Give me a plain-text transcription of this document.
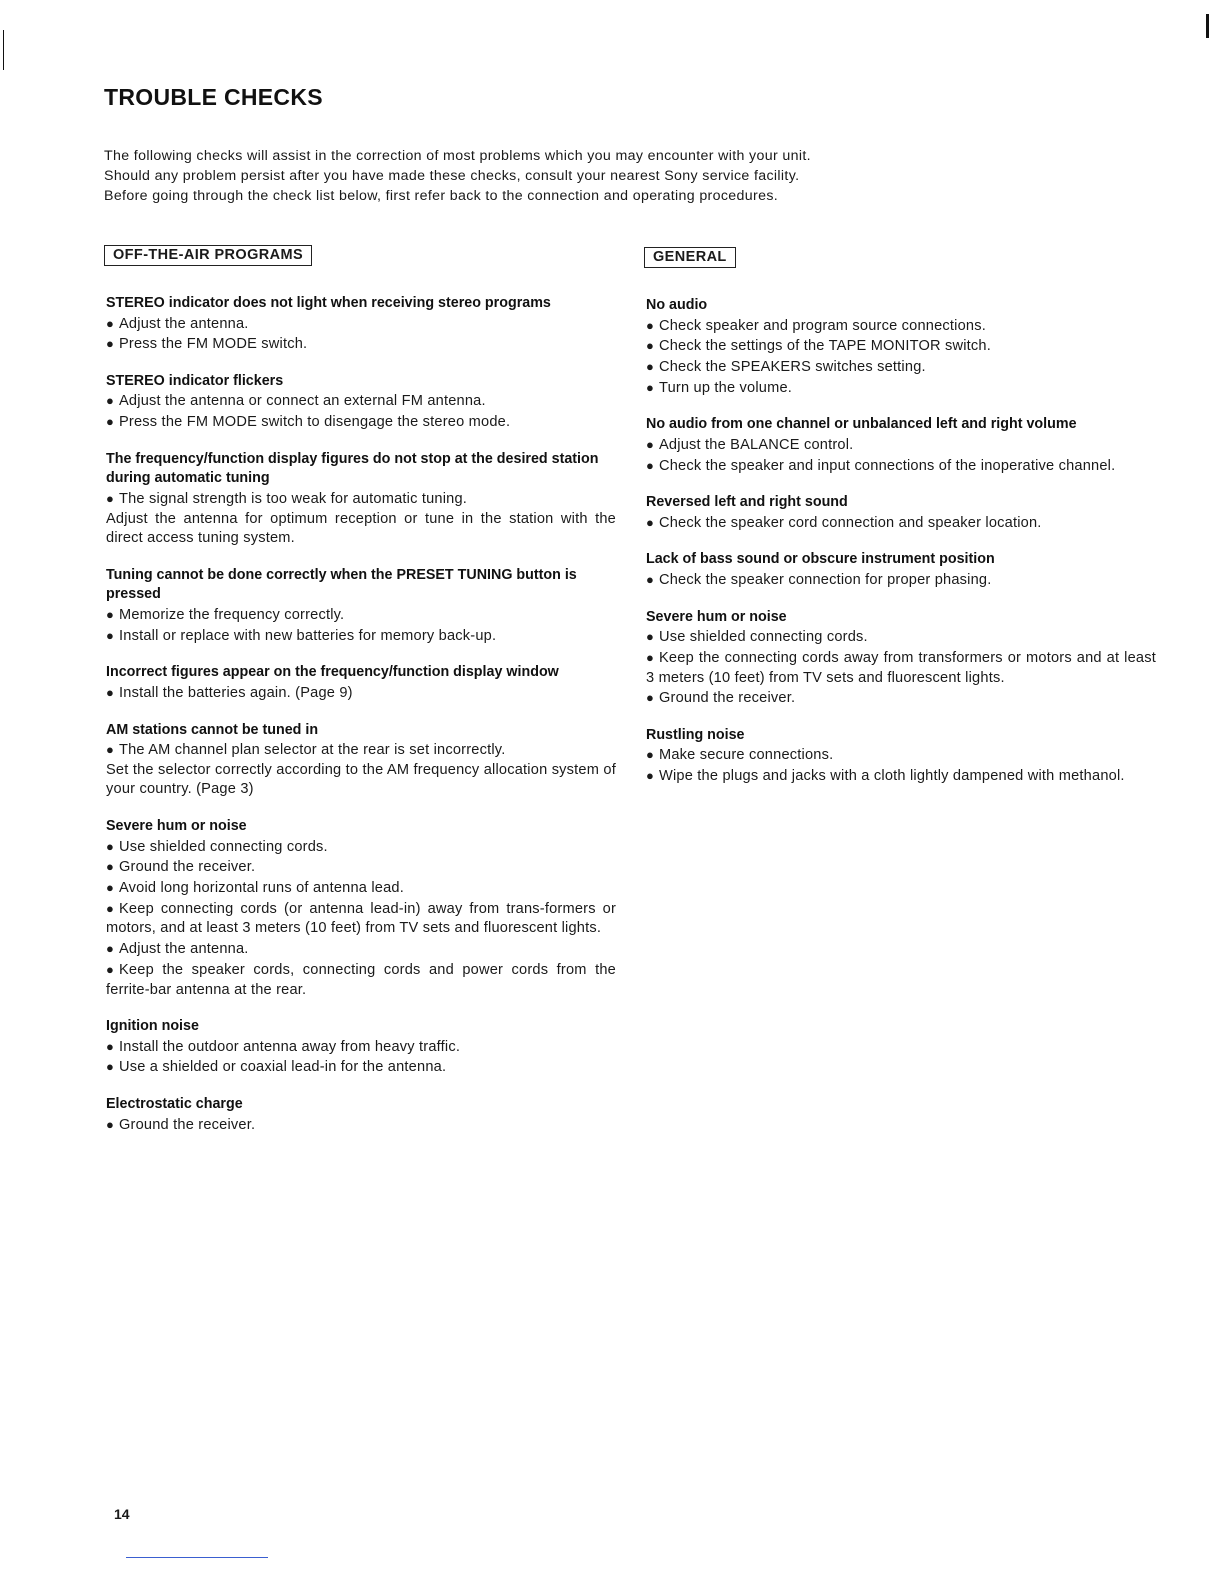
TROUBLE CHECKS

The following checks will assist in the correction of most problems which you may encounter with your unit.

Should any problem persist after you have made these checks, consult your nearest Sony service facility.

Before going through the check list below, first refer back to the connection and operating procedures.

OFF-THE-AIR PROGRAMS

STEREO indicator does not light when receiving stereo programs

● Adjust the antenna.

● Press the FM MODE switch.

STEREO indicator flickers

● Adjust the antenna or connect an external FM antenna.

● Press the FM MODE switch to disengage the stereo mode.

The frequency/function display figures do not stop at the desired station during automatic tuning

● The signal strength is too weak for automatic tuning.

Adjust the antenna for optimum reception or tune in the station with the direct access tuning system.

Tuning cannot be done correctly when the PRESET TUNING button is pressed

● Memorize the frequency correctly.

● Install or replace with new batteries for memory back-up.

Incorrect figures appear on the frequency/function display window

● Install the batteries again. (Page 9)

AM stations cannot be tuned in

● The AM channel plan selector at the rear is set incorrectly.

Set the selector correctly according to the AM frequency allocation system of your country. (Page 3)

Severe hum or noise

● Use shielded connecting cords.

● Ground the receiver.

● Avoid long horizontal runs of antenna lead.

● Keep connecting cords (or antenna lead-in) away from trans-formers or motors, and at least 3 meters (10 feet) from TV sets and fluorescent lights.

● Adjust the antenna.

● Keep the speaker cords, connecting cords and power cords from the ferrite-bar antenna at the rear.

Ignition noise

● Install the outdoor antenna away from heavy traffic.

● Use a shielded or coaxial lead-in for the antenna.

Electrostatic charge

● Ground the receiver.

GENERAL

No audio

● Check speaker and program source connections.

● Check the settings of the TAPE MONITOR switch.

● Check the SPEAKERS switches setting.

● Turn up the volume.

No audio from one channel or unbalanced left and right volume

● Adjust the BALANCE control.

● Check the speaker and input connections of the inoperative channel.

Reversed left and right sound

● Check the speaker cord connection and speaker location.

Lack of bass sound or obscure instrument position

● Check the speaker connection for proper phasing.

Severe hum or noise

● Use shielded connecting cords.

● Keep the connecting cords away from transformers or motors and at least 3 meters (10 feet) from TV sets and fluorescent lights.

● Ground the receiver.

Rustling noise

● Make secure connections.

● Wipe the plugs and jacks with a cloth lightly dampened with methanol.

14
